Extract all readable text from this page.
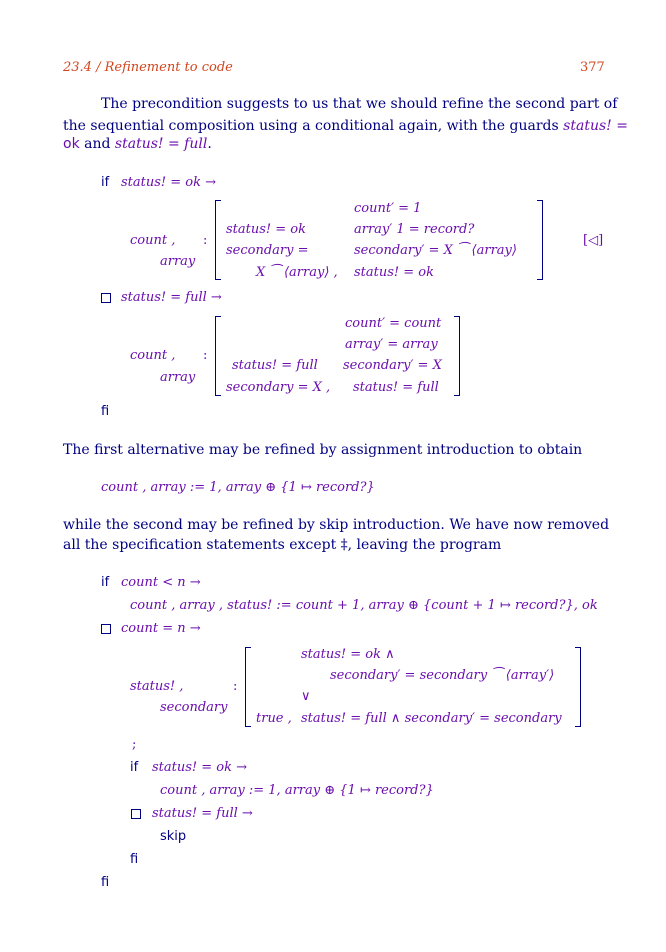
23.4 / Refinement to code	377
The precondition suggests to us that we should refine the second part of
the sequential composition using a conditional again, with the guards status! =
ok and status! = full.
if status! = ok →
count ,
array
:
status! = ok
secondary =
X ⁀ ⟨array⟩ ,
count′ = 1
array′ 1 = record?
secondary′ = X ⁀ ⟨array⟩
status! = ok
[◁]
status! = full →
count ,
array
:
status! = full
secondary = X ,
count′ = count
array′ = array
secondary′ = X
status! = full
fi
The first alternative may be refined by assignment introduction to obtain
count , array := 1, array ⊕ {1 ↦ record?}
while the second may be refined by skip introduction. We have now removed
all the specification statements except ‡, leaving the program
if count < n →
count , array , status! := count + 1, array ⊕ {count + 1 ↦ record?}, ok
count = n →
status! ,
secondary
:
true ,
status! = ok ∧
secondary′ = secondary ⁀ ⟨array′⟩
∨
status! = full ∧ secondary′ = secondary
;
if status! = ok →
count , array := 1, array ⊕ {1 ↦ record?}
status! = full →
skip
fi
fi
